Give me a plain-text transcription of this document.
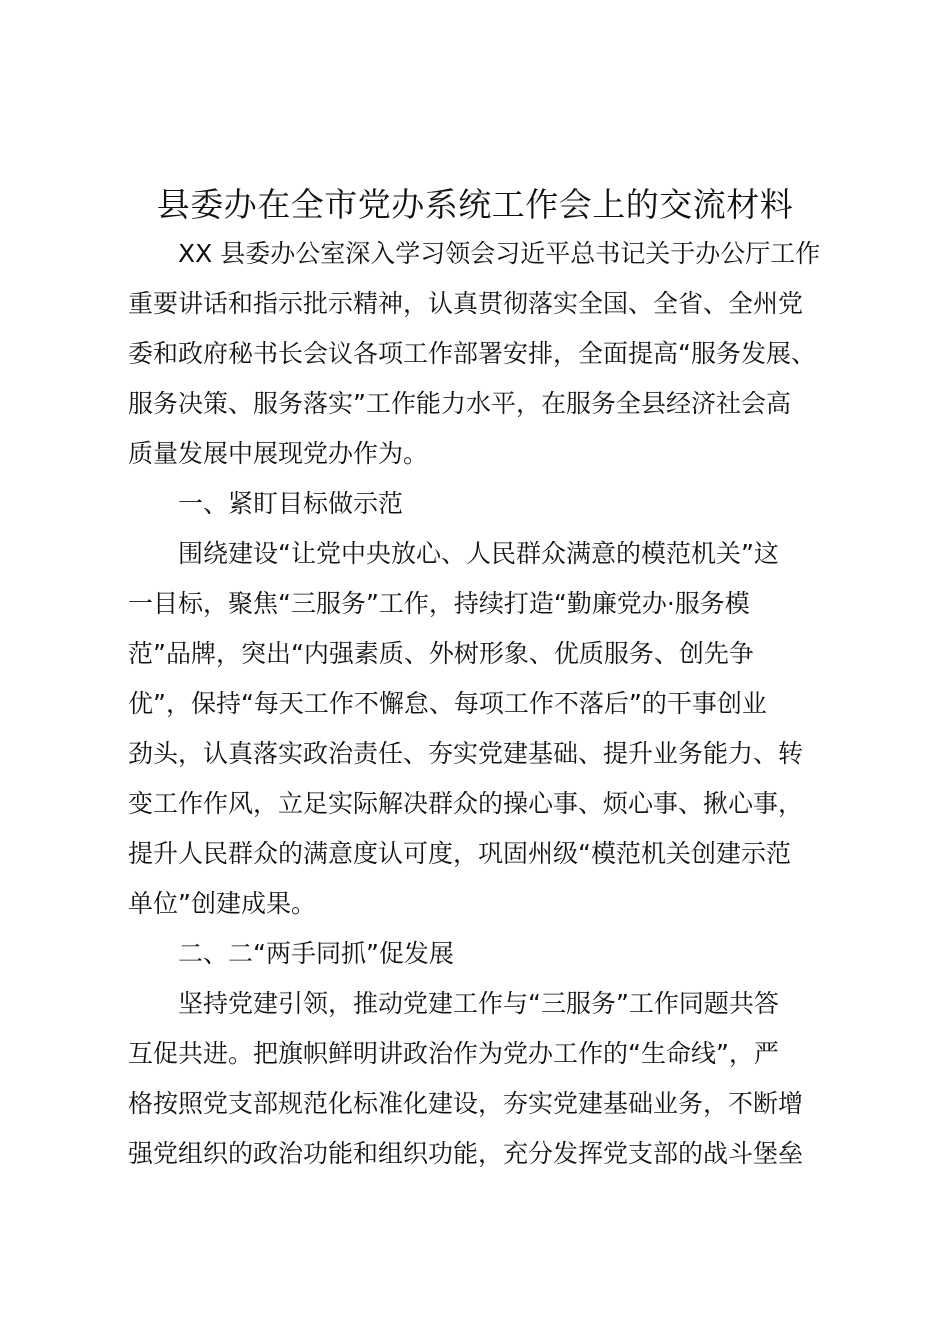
县委办在全市党办系统工作会上的交流材料

XX 县委办公室深入学习领会习近平总书记关于办公厅工作

重要讲话和指示批示精神，认真贯彻落实全国、全省、全州党

委和政府秘书长会议各项工作部署安排，全面提高“服务发展、

服务决策、服务落实”工作能力水平，在服务全县经济社会高

质量发展中展现党办作为。

一、紧盯目标做示范

围绕建设“让党中央放心、人民群众满意的模范机关”这

一目标，聚焦“三服务”工作，持续打造“勤廉党办·服务模

范”品牌，突出“内强素质、外树形象、优质服务、创先争

优”，保持“每天工作不懈怠、每项工作不落后”的干事创业

劲头，认真落实政治责任、夯实党建基础、提升业务能力、转

变工作作风，立足实际解决群众的操心事、烦心事、揪心事，

提升人民群众的满意度认可度，巩固州级“模范机关创建示范

单位”创建成果。

二、二“两手同抓”促发展

坚持党建引领，推动党建工作与“三服务”工作同题共答

互促共进。把旗帜鲜明讲政治作为党办工作的“生命线”，严

格按照党支部规范化标准化建设，夯实党建基础业务，不断增

强党组织的政治功能和组织功能，充分发挥党支部的战斗堡垒
